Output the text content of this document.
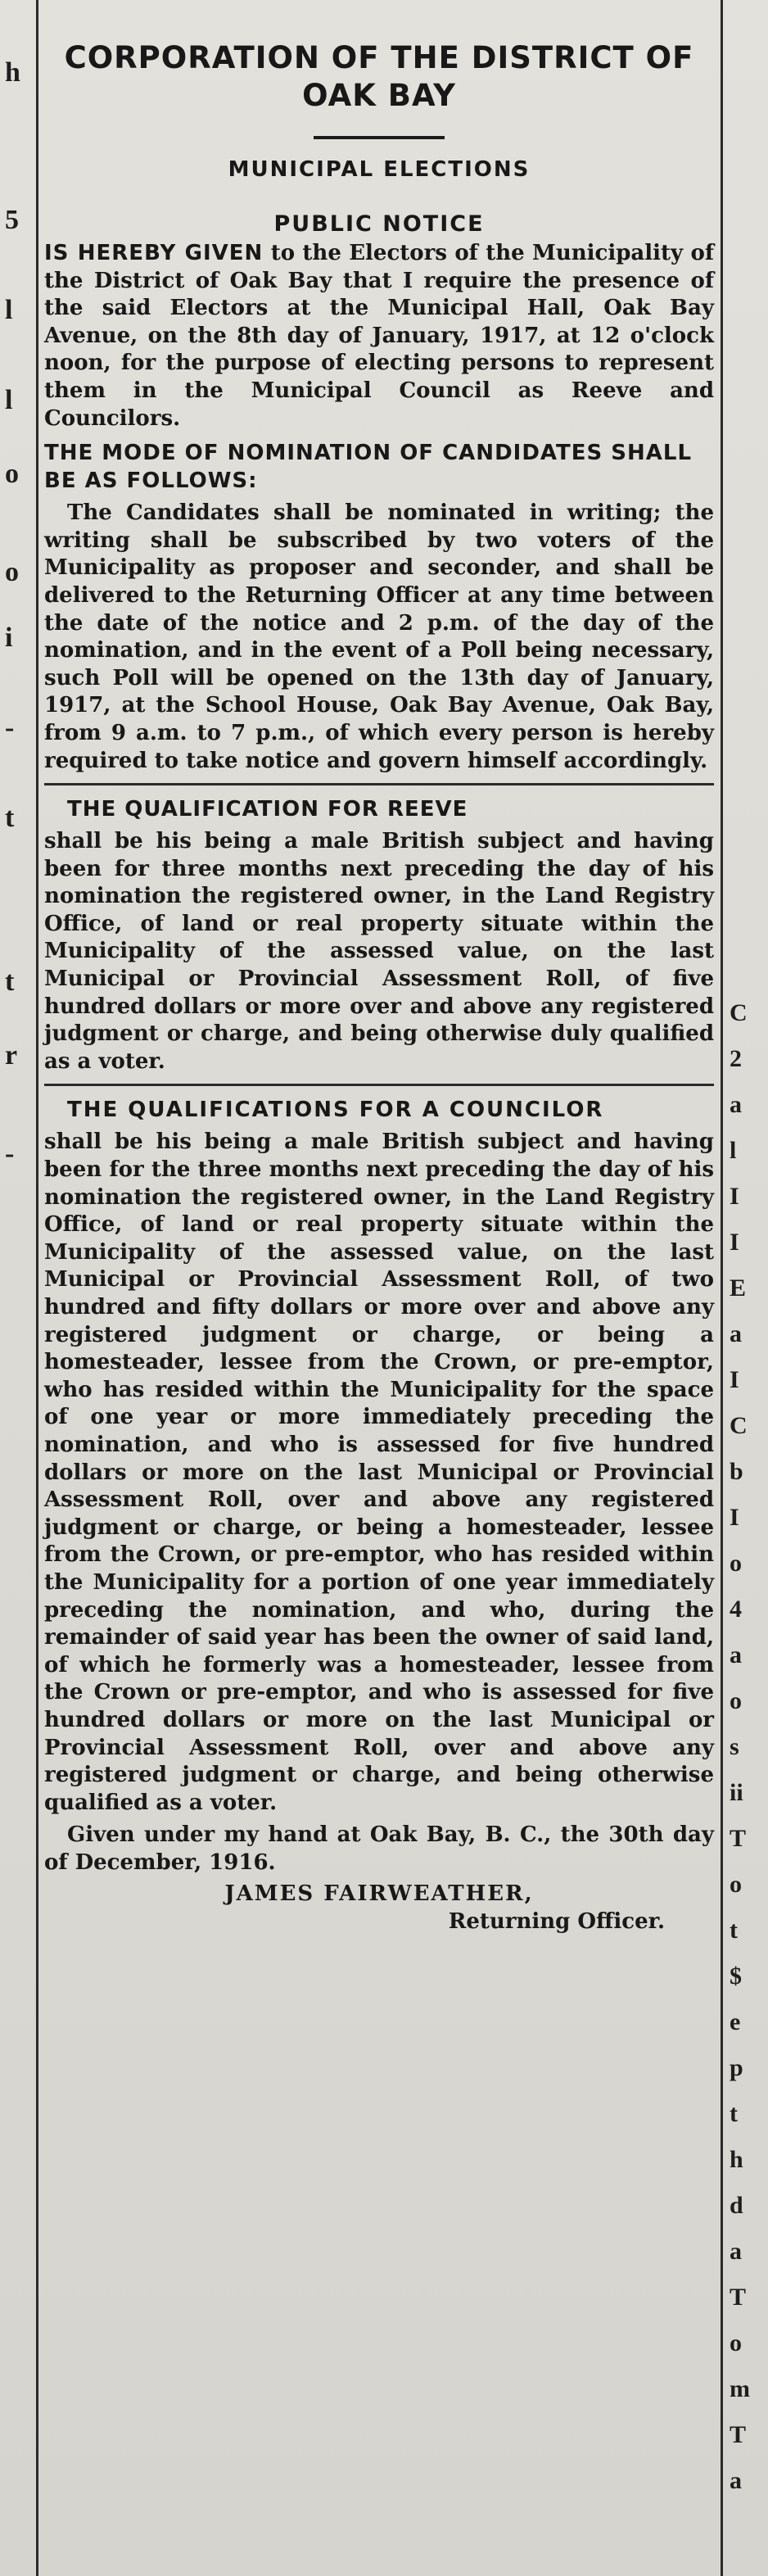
h
5
l
l
o
o
i
-
t
t
r
-
C
2
a
l
I
I
E
a
I
C
b
I
o
4
a
o
s
ii
T
o
t
$
e
p
t
h
d
a
T
o
m
T
a
CORPORATION OF THE DISTRICT OF OAK BAY
MUNICIPAL ELECTIONS
PUBLIC NOTICE

IS HEREBY GIVEN to the Electors of the Municipality of the District of Oak Bay that I require the presence of the said Electors at the Municipal Hall, Oak Bay Avenue, on the 8th day of January, 1917, at 12 o'clock noon, for the purpose of electing persons to represent them in the Municipal Council as Reeve and Councilors.

THE MODE OF NOMINATION OF CANDIDATES SHALL BE AS FOLLOWS:

The Candidates shall be nominated in writing; the writing shall be subscribed by two voters of the Municipality as proposer and seconder, and shall be delivered to the Returning Officer at any time between the date of the notice and 2 p.m. of the day of the nomination, and in the event of a Poll being necessary, such Poll will be opened on the 13th day of January, 1917, at the School House, Oak Bay Avenue, Oak Bay, from 9 a.m. to 7 p.m., of which every person is hereby required to take notice and govern himself accordingly.

THE QUALIFICATION FOR REEVE

shall be his being a male British subject and having been for three months next preceding the day of his nomination the registered owner, in the Land Registry Office, of land or real property situate within the Municipality of the assessed value, on the last Municipal or Provincial Assessment Roll, of five hundred dollars or more over and above any registered judgment or charge, and being otherwise duly qualified as a voter.

THE QUALIFICATIONS FOR A COUNCILOR

shall be his being a male British subject and having been for the three months next preceding the day of his nomination the registered owner, in the Land Registry Office, of land or real property situate within the Municipality of the assessed value, on the last Municipal or Provincial Assessment Roll, of two hundred and fifty dollars or more over and above any registered judgment or charge, or being a homesteader, lessee from the Crown, or pre-emptor, who has resided within the Municipality for the space of one year or more immediately preceding the nomination, and who is assessed for five hundred dollars or more on the last Municipal or Provincial Assessment Roll, over and above any registered judgment or charge, or being a homesteader, lessee from the Crown, or pre-emptor, who has resided within the Municipality for a portion of one year immediately preceding the nomination, and who, during the remainder of said year has been the owner of said land, of which he formerly was a homesteader, lessee from the Crown or pre-emptor, and who is assessed for five hundred dollars or more on the last Municipal or Provincial Assessment Roll, over and above any registered judgment or charge, and being otherwise qualified as a voter.

Given under my hand at Oak Bay, B. C., the 30th day of December, 1916.

JAMES FAIRWEATHER,
Returning Officer.
